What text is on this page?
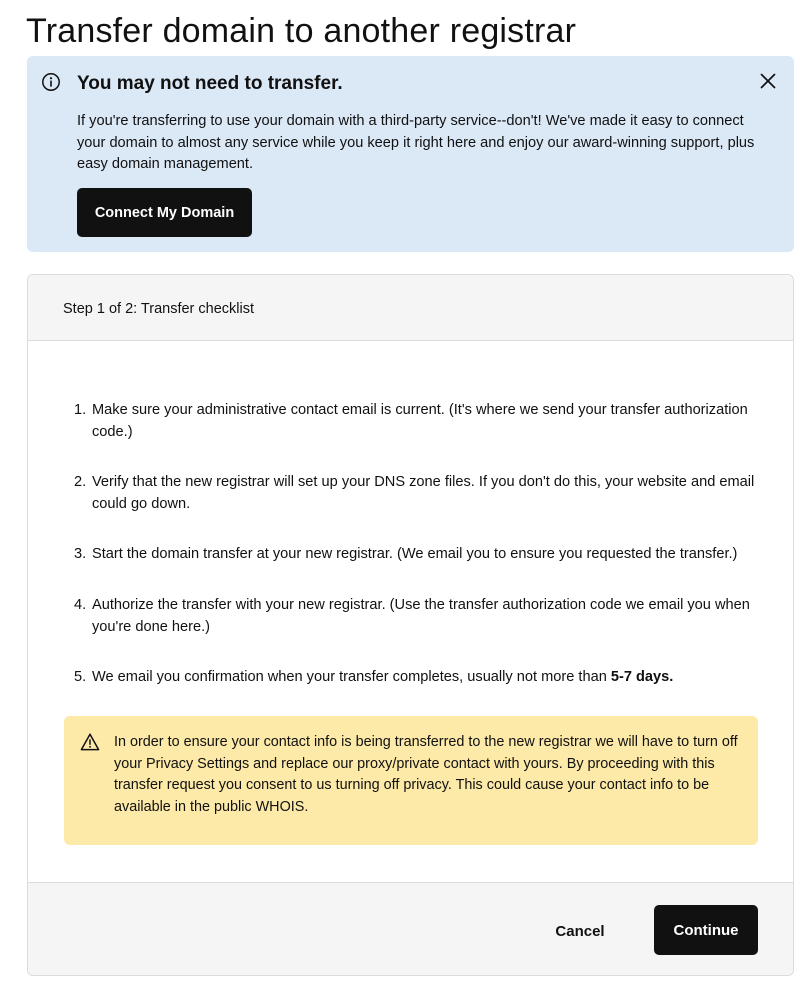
Transfer domain to another registrar
You may not need to transfer.

If you're transferring to use your domain with a third-party service--don't! We've made it easy to connect your domain to almost any service while you keep it right here and enjoy our award-winning support, plus easy domain management.

Connect My Domain
Step 1 of 2: Transfer checklist
1. Make sure your administrative contact email is current. (It's where we send your transfer authorization code.)
2. Verify that the new registrar will set up your DNS zone files. If you don't do this, your website and email could go down.
3. Start the domain transfer at your new registrar. (We email you to ensure you requested the transfer.)
4. Authorize the transfer with your new registrar. (Use the transfer authorization code we email you when you're done here.)
5. We email you confirmation when your transfer completes, usually not more than 5-7 days.

In order to ensure your contact info is being transferred to the new registrar we will have to turn off your Privacy Settings and replace our proxy/private contact with yours. By proceeding with this transfer request you consent to us turning off privacy. This could cause your contact info to be available in the public WHOIS.

Cancel	Continue
